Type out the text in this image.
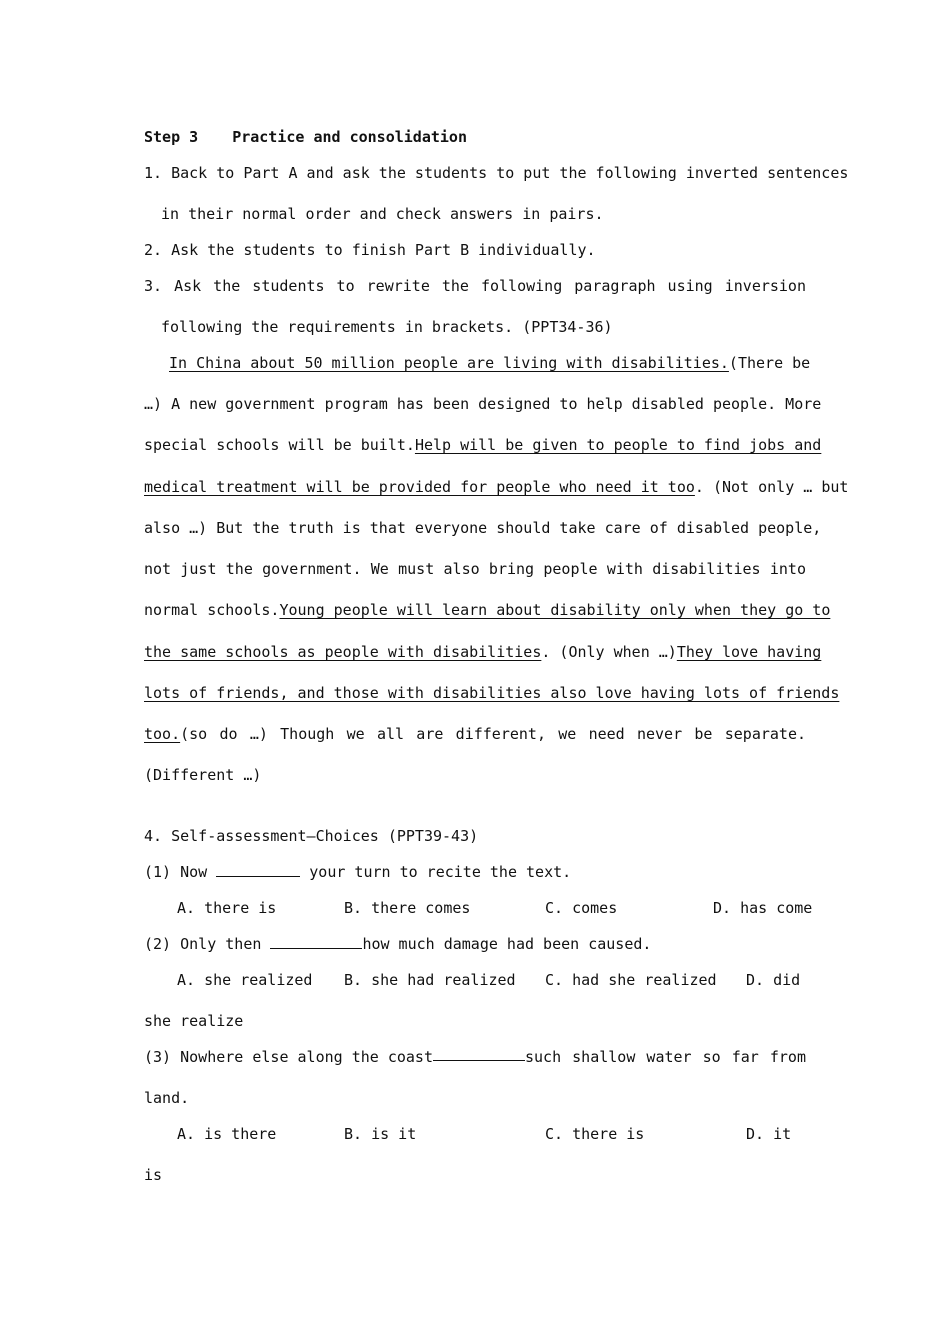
Step 3 Practice and consolidation
1. Back to Part A and ask the students to put the following inverted sentences
in their normal order and check answers in pairs.
2. Ask the students to finish Part B individually.
3. Ask the students to rewrite the following paragraph using inversion
following the requirements in brackets. (PPT34-36)
In China about 50 million people are living with disabilities. (There be
…) A new government program has been designed to help disabled people. More
special schools will be built. Help will be given to people to find jobs and
medical treatment will be provided for people who need it too . (Not only … but
also …) But the truth is that everyone should take care of disabled people,
not just the government. We must also bring people with disabilities into
normal schools. Young people will learn about disability only when they go to
the same schools as people with disabilities. (Only when …) They love having
lots of friends, and those with disabilities also love having lots of friends
too. (so do …) Though we all are different, we need never be separate.
(Different …)
4. Self-assessment—Choices (PPT39-43)
(1) Now	your turn to recite the text.
A. there is	B. there comes	C. comes	D. has come
(2) Only then	how much damage had been caused.
A. she realized B. she had realized C. had she realized D. did
she realize
(3) Nowhere else along the coast	such shallow water so far from
land.
A. is there	B. is it	C. there is	D. it
is
